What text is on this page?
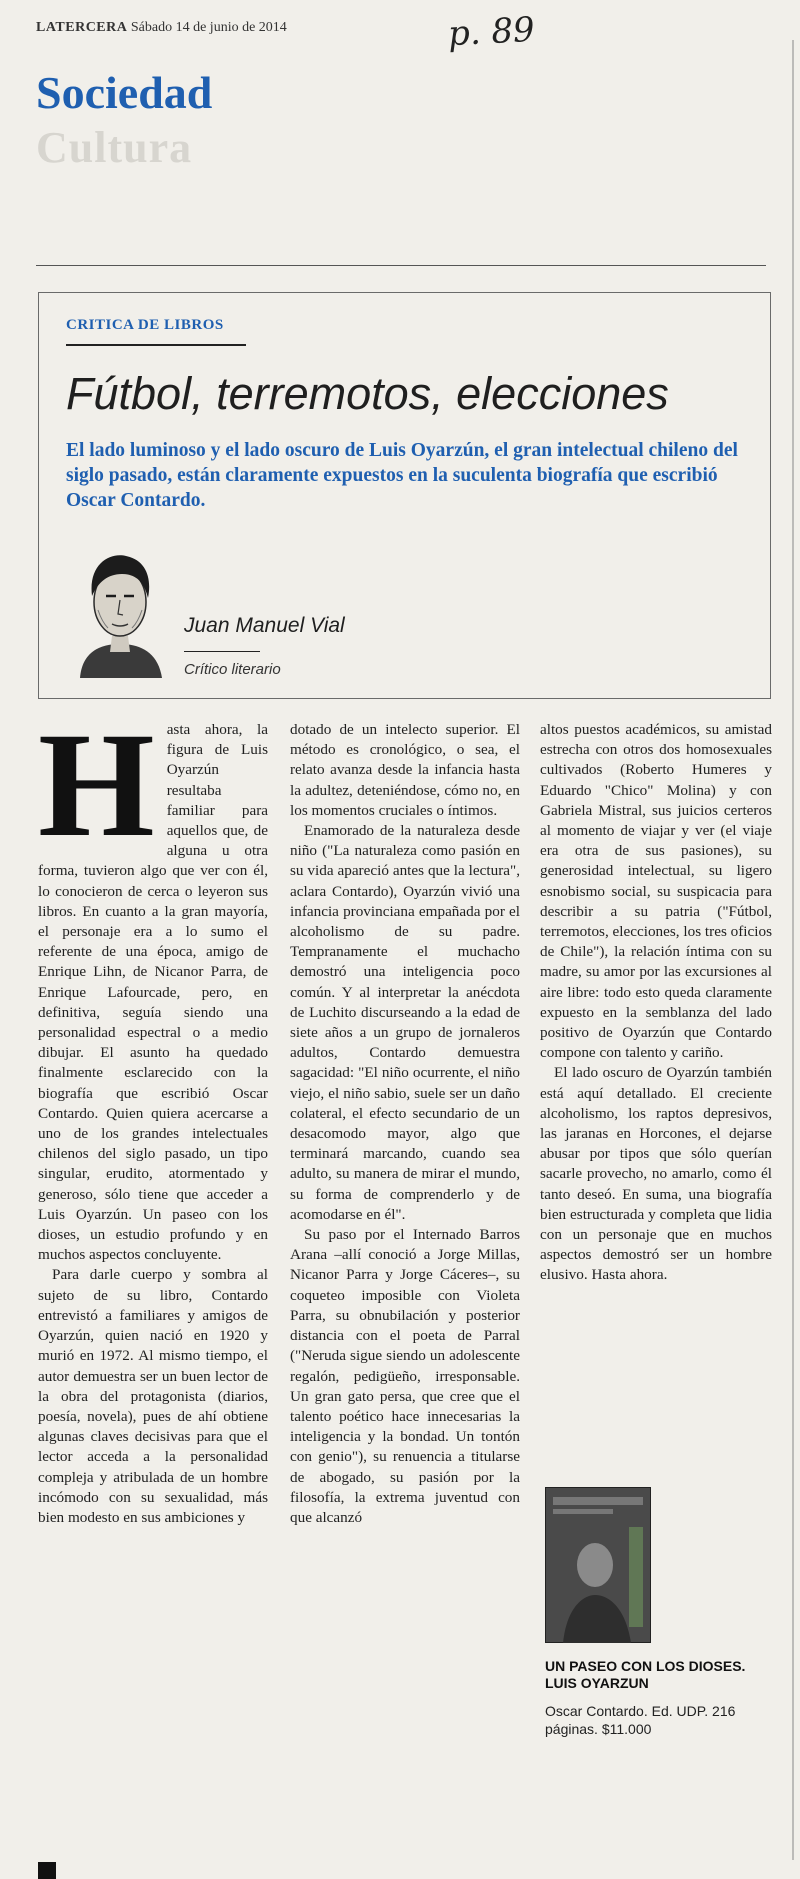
LATERCERA Sábado 14 de junio de 2014	p. 89
Sociedad
Cultura
CRITICA DE LIBROS
Fútbol, terremotos, elecciones
El lado luminoso y el lado oscuro de Luis Oyarzún, el gran intelectual chileno del siglo pasado, están claramente expuestos en la suculenta biografía que escribió Oscar Contardo.
Juan Manuel Vial
Crítico literario

Hasta ahora, la figura de Luis Oyarzún resultaba familiar para aquellos que, de alguna u otra forma, tuvieron algo que ver con él, lo conocieron de cerca o leyeron sus libros. En cuanto a la gran mayoría, el personaje era a lo sumo el referente de una época, amigo de Enrique Lihn, de Nicanor Parra, de Enrique Lafourcade, pero, en definitiva, seguía siendo una personalidad espectral o a medio dibujar. El asunto ha quedado finalmente esclarecido con la biografía que escribió Oscar Contardo. Quien quiera acercarse a uno de los grandes intelectuales chilenos del siglo pasado, un tipo singular, erudito, atormentado y generoso, sólo tiene que acceder a Luis Oyarzún. Un paseo con los dioses, un estudio profundo y en muchos aspectos concluyente.

Para darle cuerpo y sombra al sujeto de su libro, Contardo entrevistó a familiares y amigos de Oyarzún, quien nació en 1920 y murió en 1972. Al mismo tiempo, el autor demuestra ser un buen lector de la obra del protagonista (diarios, poesía, novela), pues de ahí obtiene algunas claves decisivas para que el lector acceda a la personalidad compleja y atribulada de un hombre incómodo con su sexualidad, más bien modesto en sus ambiciones y

dotado de un intelecto superior. El método es cronológico, o sea, el relato avanza desde la infancia hasta la adultez, deteniéndose, cómo no, en los momentos cruciales o íntimos.

Enamorado de la naturaleza desde niño ("La naturaleza como pasión en su vida apareció antes que la lectura", aclara Contardo), Oyarzún vivió una infancia provinciana empañada por el alcoholismo de su padre. Tempranamente el muchacho demostró una inteligencia poco común. Y al interpretar la anécdota de Luchito discurseando a la edad de siete años a un grupo de jornaleros adultos, Contardo demuestra sagacidad: "El niño ocurrente, el niño viejo, el niño sabio, suele ser un daño colateral, el efecto secundario de un desacomodo mayor, algo que terminará marcando, cuando sea adulto, su manera de mirar el mundo, su forma de comprenderlo y de acomodarse en él".

Su paso por el Internado Barros Arana –allí conoció a Jorge Millas, Nicanor Parra y Jorge Cáceres–, su coqueteo imposible con Violeta Parra, su obnubilación y posterior distancia con el poeta de Parral ("Neruda sigue siendo un adolescente regalón, pedigüeño, irresponsable. Un gran gato persa, que cree que el talento poético hace innecesarias la inteligencia y la bondad. Un tontón con genio"), su renuencia a titularse de abogado, su pasión por la filosofía, la extrema juventud con que alcanzó

altos puestos académicos, su amistad estrecha con otros dos homosexuales cultivados (Roberto Humeres y Eduardo "Chico" Molina) y con Gabriela Mistral, sus juicios certeros al momento de viajar y ver (el viaje era otra de sus pasiones), su generosidad intelectual, su ligero esnobismo social, su suspicacia para describir a su patria ("Fútbol, terremotos, elecciones, los tres oficios de Chile"), la relación íntima con su madre, su amor por las excursiones al aire libre: todo esto queda claramente expuesto en la semblanza del lado positivo de Oyarzún que Contardo compone con talento y cariño.

El lado oscuro de Oyarzún también está aquí detallado. El creciente alcoholismo, los raptos depresivos, las jaranas en Horcones, el dejarse abusar por tipos que sólo querían sacarle provecho, no amarlo, como él tanto deseó. En suma, una biografía bien estructurada y completa que lidia con un personaje que en muchos aspectos demostró ser un hombre elusivo. Hasta ahora.

UN PASEO CON LOS DIOSES. LUIS OYARZUN
Oscar Contardo. Ed. UDP. 216 páginas. $11.000
